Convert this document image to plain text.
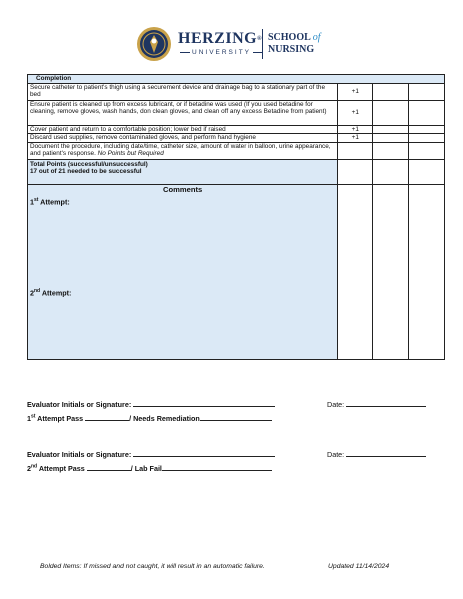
HERZING®
UNIVERSITY
SCHOOL of
NURSING
Completion			
Secure catheter to patient's thigh using a securement device and drainage bag to a stationary part of the bed	+1		
Ensure patient is cleaned up from excess lubricant, or if betadine was used (If you used betadine for cleaning, remove gloves, wash hands, don clean gloves, and clean off any excess Betadine from patient)	+1		
Cover patient and return to a comfortable position; lower bed if raised	+1		
Discard used supplies, remove contaminated gloves, and perform hand hygiene	+1		
Document the procedure, including date/time, catheter size, amount of water in balloon, urine appearance, and patient's response. No Points but Required			

Total Points (successful/unsuccessful)
17 out of 21 needed to be successful			

Comments
1st Attempt:
2nd Attempt:			

Evaluator Initials or Signature:	Date:
1st Attempt Pass	/ Needs Remediation
Evaluator Initials or Signature:	Date:
2nd Attempt Pass	/ Lab Fail
Bolded Items: If missed and not caught, it will result in an automatic failure.	Updated 11/14/2024
